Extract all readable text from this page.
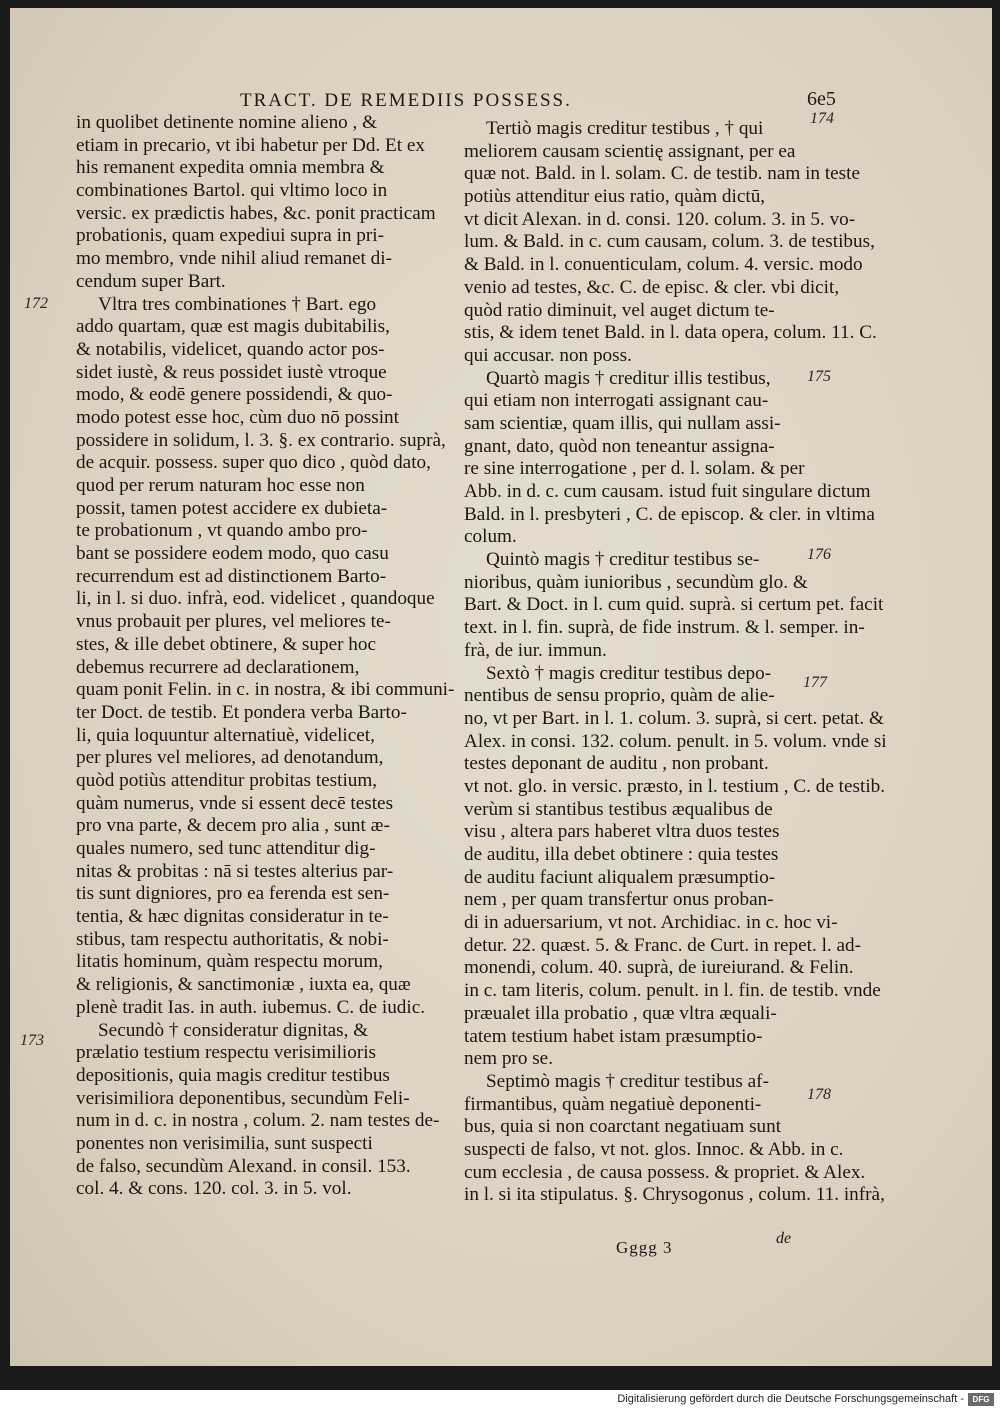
TRACT. DE REMEDIIS POSSESS.	6e5
in quolibet detinente nomine alieno , &
etiam in precario, vt ibi habetur per Dd. Et ex
his remanent expedita omnia membra &
combinationes Bartol. qui vltimo loco in
versic. ex prædictis habes, &c. ponit practicam
probationis, quam expediui supra in pri-
mo membro, vnde nihil aliud remanet di-
cendum super Bart.
Vltra tres combinationes † Bart. ego
addo quartam, quæ est magis dubitabilis,
& notabilis, videlicet, quando actor pos-
sidet iustè, & reus possidet iustè vtroque
modo, & eodē genere possidendi, & quo-
modo potest esse hoc, cùm duo nō possint
possidere in solidum, l. 3. §. ex contrario. suprà,
de acquir. possess. super quo dico , quòd dato,
quod per rerum naturam hoc esse non
possit, tamen potest accidere ex dubieta-
te probationum , vt quando ambo pro-
bant se possidere eodem modo, quo casu
recurrendum est ad distinctionem Barto-
li, in l. si duo. infrà, eod. videlicet , quandoque
vnus probauit per plures, vel meliores te-
stes, & ille debet obtinere, & super hoc
debemus recurrere ad declarationem,
quam ponit Felin. in c. in nostra, & ibi communi-
ter Doct. de testib. Et pondera verba Barto-
li, quia loquuntur alternatiuè, videlicet,
per plures vel meliores, ad denotandum,
quòd potiùs attenditur probitas testium,
quàm numerus, vnde si essent decē testes
pro vna parte, & decem pro alia , sunt æ-
quales numero, sed tunc attenditur dig-
nitas & probitas : nā si testes alterius par-
tis sunt digniores, pro ea ferenda est sen-
tentia, & hæc dignitas consideratur in te-
stibus, tam respectu authoritatis, & nobi-
litatis hominum, quàm respectu morum,
& religionis, & sanctimoniæ , iuxta ea, quæ
plenè tradit Ias. in auth. iubemus. C. de iudic.
Secundò † consideratur dignitas, &
prælatio testium respectu verisimilioris
depositionis, quia magis creditur testibus
verisimiliora deponentibus, secundùm Feli-
num in d. c. in nostra , colum. 2. nam testes de-
ponentes non verisimilia, sunt suspecti
de falso, secundùm Alexand. in consil. 153.
col. 4. & cons. 120. col. 3. in 5. vol.
Tertiò magis creditur testibus , † qui
meliorem causam scientię assignant, per ea
quæ not. Bald. in l. solam. C. de testib. nam in teste
potiùs attenditur eius ratio, quàm dictū,
vt dicit Alexan. in d. consi. 120. colum. 3. in 5. vo-
lum. & Bald. in c. cum causam, colum. 3. de testibus,
& Bald. in l. conuenticulam, colum. 4. versic. modo
venio ad testes, &c. C. de episc. & cler. vbi dicit,
quòd ratio diminuit, vel auget dictum te-
stis, & idem tenet Bald. in l. data opera, colum. 11. C.
qui accusar. non poss.
Quartò magis † creditur illis testibus,
qui etiam non interrogati assignant cau-
sam scientiæ, quam illis, qui nullam assi-
gnant, dato, quòd non teneantur assigna-
re sine interrogatione , per d. l. solam. & per
Abb. in d. c. cum causam. istud fuit singulare dictum
Bald. in l. presbyteri , C. de episcop. & cler. in vltima
colum.
Quintò magis † creditur testibus se-
nioribus, quàm iunioribus , secundùm glo. &
Bart. & Doct. in l. cum quid. suprà. si certum pet. facit
text. in l. fin. suprà, de fide instrum. & l. semper. in-
frà, de iur. immun.
Sextò † magis creditur testibus depo-
nentibus de sensu proprio, quàm de alie-
no, vt per Bart. in l. 1. colum. 3. suprà, si cert. petat. &
Alex. in consi. 132. colum. penult. in 5. volum. vnde si
testes deponant de auditu , non probant.
vt not. glo. in versic. præsto, in l. testium , C. de testib.
verùm si stantibus testibus æqualibus de
visu , altera pars haberet vltra duos testes
de auditu, illa debet obtinere : quia testes
de auditu faciunt aliqualem præsumptio-
nem , per quam transfertur onus proban-
di in aduersarium, vt not. Archidiac. in c. hoc vi-
detur. 22. quæst. 5. & Franc. de Curt. in repet. l. ad-
monendi, colum. 40. suprà, de iureiurand. & Felin.
in c. tam literis, colum. penult. in l. fin. de testib. vnde
præualet illa probatio , quæ vltra æquali-
tatem testium habet istam præsumptio-
nem pro se.
Septimò magis † creditur testibus af-
firmantibus, quàm negatiuè deponenti-
bus, quia si non coarctant negatiuam sunt
suspecti de falso, vt not. glos. Innoc. & Abb. in c.
cum ecclesia , de causa possess. & propriet. & Alex.
in l. si ita stipulatus. §. Chrysogonus , colum. 11. infrà,
172
173
174
175
176
177
178
Gggg 3	de
Digitalisierung gefördert durch die Deutsche Forschungsgemeinschaft -	DFG
